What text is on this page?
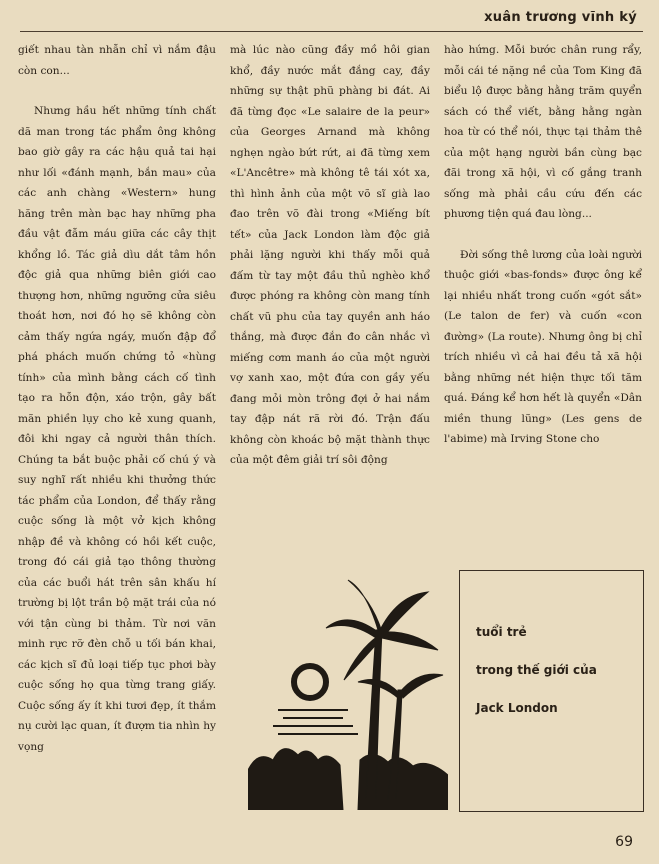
xuân trương vĩnh ký

giết nhau tàn nhẫn chỉ vì nắm đậu còn con...

Nhưng hầu hết những tính chất dã man trong tác phẩm ông không bao giờ gây ra các hậu quả tai hại như lối «đánh mạnh, bắn mau» của các anh chàng «Western» hung hăng trên màn bạc hay những pha đầu vật đẫm máu giữa các cây thịt khổng lồ. Tác giả dìu dắt tâm hồn độc giả qua những biên giới cao thượng hơn, những ngưỡng cửa siêu thoát hơn, nơi đó họ sẽ không còn cảm thấy ngứa ngáy, muốn đập đổ phá phách muốn chứng tỏ «hùng tính» của mình bằng cách cố tình tạo ra hỗn độn, xáo trộn, gây bất mãn phiền lụy cho kẻ xung quanh, đôi khi ngay cả người thân thích. Chúng ta bắt buộc phải cố chú ý và suy nghĩ rất nhiều khi thưởng thức tác phẩm của London, để thấy rằng cuộc sống là một vở kịch không nhập đề và không có hồi kết cuộc, trong đó cái giả tạo thông thường của các buổi hát trên sân khấu hí trường bị lột trần bộ mặt trái của nó với tận cùng bi thảm. Từ nơi văn minh rực rỡ đèn chỗ u tối bán khai, các kịch sĩ đủ loại tiếp tục phơi bày cuộc sống họ qua từng trang giấy. Cuộc sống ấy ít khi tươi đẹp, ít thắm nụ cười lạc quan, ít đượm tia nhìn hy vọng

mà lúc nào cũng đầy mồ hôi gian khổ, đầy nước mắt đắng cay, đầy những sự thật phũ phàng bi đát. Ai đã từng đọc «Le salaire de la peur» của Georges Arnand mà không nghẹn ngào bứt rứt, ai đã từng xem «L'Ancêtre» mà không tê tái xót xa, thì hình ảnh của một võ sĩ già lao đao trên võ đài trong «Miếng bít tết» của Jack London làm độc giả phải lặng người khi thấy mỗi quả đấm từ tay một đầu thủ nghèo khổ được phóng ra không còn mang tính chất vũ phu của tay quyền anh háo thắng, mà được đắn đo cân nhắc vì miếng cơm manh áo của một người vợ xanh xao, một đứa con gầy yếu đang mỏi mòn trông đợi ở hai nắm tay đập nát rã rời đó. Trận đấu không còn khoác bộ mặt thành thực của một đêm giải trí sôi động

hào hứng. Mỗi bước chân rung rẩy, mỗi cái té nặng nề của Tom King đã biểu lộ được bằng hằng trăm quyển sách có thể viết, bằng hằng ngàn hoa từ có thể nói, thực tại thảm thê của một hạng người bần cùng bạc đãi trong xã hội, vì cố gắng tranh sống mà phải cầu cứu đến các phương tiện quá đau lòng...

Đời sống thê lương của loài người thuộc giới «bas-fonds» được ông kể lại nhiều nhất trong cuốn «gót sắt» (Le talon de fer) và cuốn «con đường» (La route). Nhưng ông bị chỉ trích nhiều vì cả hai đều tả xã hội bằng những nét hiện thực tối tăm quá. Đáng kể hơn hết là quyển «Dân miền thung lũng» (Les gens de l'abime) mà Irving Stone cho

tuổi trẻ
trong thế giới của
Jack London
69
